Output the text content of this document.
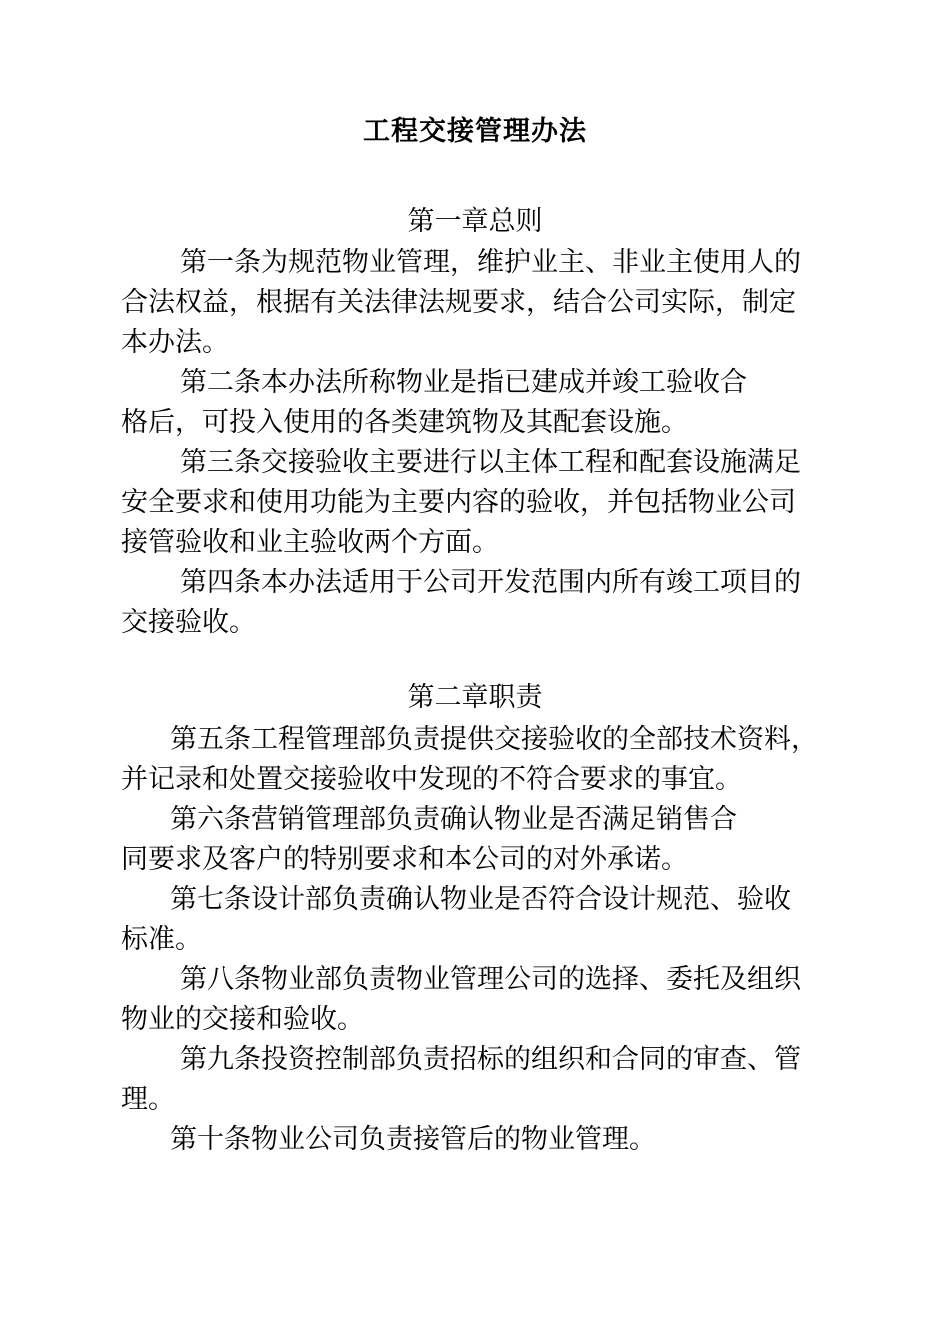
工程交接管理办法
第一章总则

第一条为规范物业管理，维护业主、非业主使用人的

合法权益，根据有关法律法规要求，结合公司实际，制定

本办法。

第二条本办法所称物业是指已建成并竣工验收合

格后，可投入使用的各类建筑物及其配套设施。

第三条交接验收主要进行以主体工程和配套设施满足

安全要求和使用功能为主要内容的验收，并包括物业公司

接管验收和业主验收两个方面。

第四条本办法适用于公司开发范围内所有竣工项目的

交接验收。

第二章职责

第五条工程管理部负责提供交接验收的全部技术资料，

并记录和处置交接验收中发现的不符合要求的事宜。

第六条营销管理部负责确认物业是否满足销售合

同要求及客户的特别要求和本公司的对外承诺。

第七条设计部负责确认物业是否符合设计规范、验收

标准。

第八条物业部负责物业管理公司的选择、委托及组织

物业的交接和验收。

第九条投资控制部负责招标的组织和合同的审查、管

理。

第十条物业公司负责接管后的物业管理。
